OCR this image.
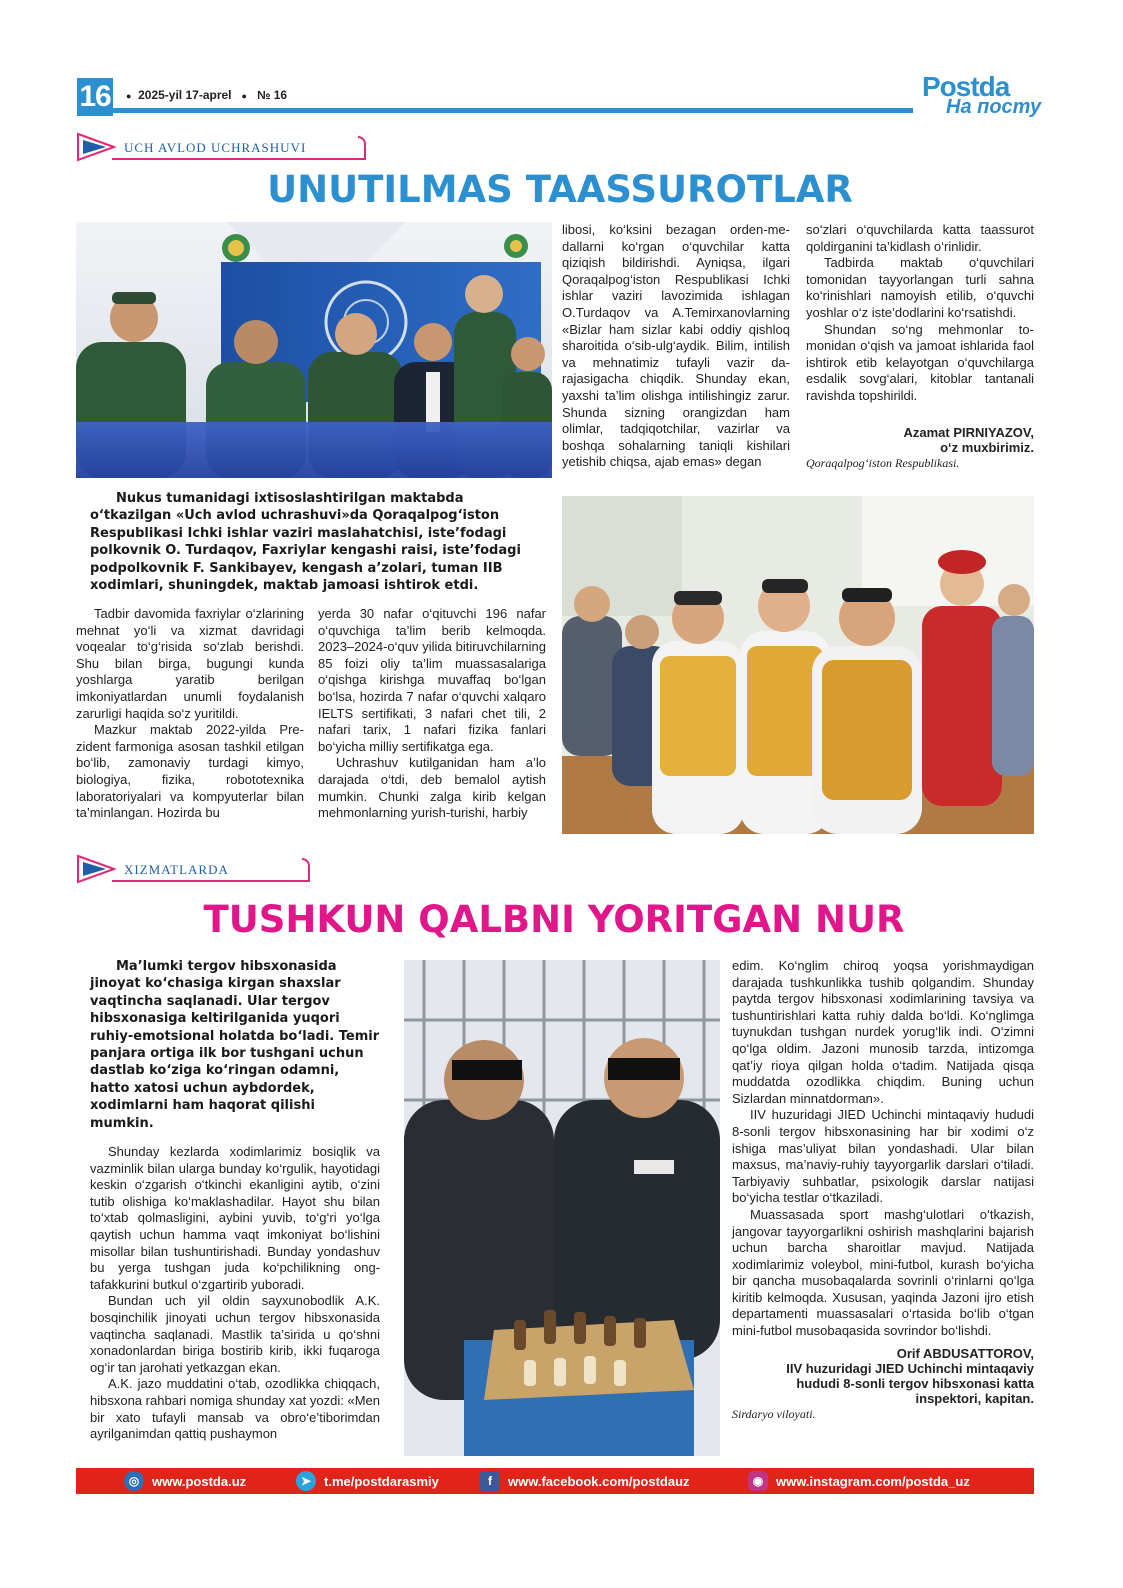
16 ● 2025-yil 17-aprel ● № 16	Postda
На посту
UCH AVLOD UCHRASHUVI
UNUTILMAS TAASSUROTLAR

libosi, ko‘ksini bezagan orden-medallarni ko‘rgan o‘quvchilar katta qiziqish bildirishdi. Ayniqsa, ilgari Qoraqalpog‘iston Respublikasi Ichki ishlar vaziri lavozimida ishlagan O.Turdaqov va A.Temirxanovlarning «Bizlar ham sizlar kabi oddiy qishloq sharoitida o‘sib-ulg‘aydik. Bilim, intilish va mehnatimiz tufayli vazir darajasigacha chiqdik. Shunday ekan, yaxshi ta’lim olishga intilishingiz zarur. Shunda sizning orangizdan ham olimlar, tadqiqotchilar, vazirlar va boshqa sohalarning taniqli kishilari yetishib chiqsa, ajab emas» degan

so‘zlari o‘quvchilarda katta taassurot qoldirganini ta’kidlash o‘rinlidir.

Tadbirda maktab o‘quvchilari tomonidan tayyorlangan turli sahna ko‘rinishlari namoyish etilib, o‘quvchi yoshlar o‘z iste’dodlarini ko‘rsatishdi.

Shundan so‘ng mehmonlar tomonidan o‘qish va jamoat ishlarida faol ishtirok etib kelayotgan o‘quvchilarga esdalik sovg‘alari, kitoblar tantanali ravishda topshirildi.

Azamat PIRNIYAZOV,
o‘z muxbirimiz.
Qoraqalpog‘iston Respublikasi.

Nukus tumanidagi ixtisoslashtirilgan maktabda o‘tkazilgan «Uch avlod uchrashuvi»da Qoraqalpog‘iston Respublikasi Ichki ishlar vaziri maslahatchisi, iste’fodagi polkovnik O. Turdaqov, Faxriylar kengashi raisi, iste’fodagi podpolkovnik F. Sankibayev, kengash a’zolari, tuman IIB xodimlari, shuningdek, maktab jamoasi ishtirok etdi.

Tadbir davomida faxriylar o‘zlarining mehnat yo‘li va xizmat davridagi voqealar to‘g‘risida so‘zlab berishdi. Shu bilan birga, bugungi kunda yoshlarga yaratib berilgan imkoniyatlardan unumli foydalanish zarurligi haqida so‘z yuritildi.

Mazkur maktab 2022-yilda Prezident farmoniga asosan tashkil etilgan bo‘lib, zamonaviy turdagi kimyo, biologiya, fizika, robototexnika laboratoriyalari va kompyuterlar bilan ta’minlangan. Hozirda bu

yerda 30 nafar o‘qituvchi 196 nafar o‘quvchiga ta’lim berib kelmoqda. 2023–2024-o‘quv yilida bitiruvchilarning 85 foizi oliy ta’lim muassasalariga o‘qishga kirishga muvaffaq bo‘lgan bo‘lsa, hozirda 7 nafar o‘quvchi xalqaro IELTS sertifikati, 3 nafari chet tili, 2 nafari tarix, 1 nafari fizika fanlari bo‘yicha milliy sertifikatga ega.

Uchrashuv kutilganidan ham a’lo darajada o‘tdi, deb bemalol aytish mumkin. Chunki zalga kirib kelgan mehmonlarning yurish-turishi, harbiy

XIZMATLARDA
TUSHKUN QALBNI YORITGAN NUR

Ma’lumki tergov hibsxonasida jinoyat ko‘chasiga kirgan shaxslar vaqtincha saqlanadi. Ular tergov hibsxonasiga keltirilganida yuqori ruhiy-emotsional holatda bo‘ladi. Temir panjara ortiga ilk bor tushgani uchun dastlab ko‘ziga ko‘ringan odamni, hatto xatosi uchun aybdordek, xodimlarni ham haqorat qilishi mumkin.

Shunday kezlarda xodimlarimiz bosiqlik va vazminlik bilan ularga bunday ko‘rgulik, hayotidagi keskin o‘zgarish o‘tkinchi ekanligini aytib, o‘zini tutib olishiga ko‘maklashadilar. Hayot shu bilan to‘xtab qolmasligini, aybini yuvib, to‘g‘ri yo‘lga qaytish uchun hamma vaqt imkoniyat bo‘lishini misollar bilan tushuntirishadi. Bunday yondashuv bu yerga tushgan juda ko‘pchilikning ong-tafakkurini butkul o‘zgartirib yuboradi.

Bundan uch yil oldin sayxunobodlik A.K. bosqinchilik jinoyati uchun tergov hibsxonasida vaqtincha saqlanadi. Mastlik ta’sirida u qo‘shni xonadonlardan biriga bostirib kirib, ikki fuqaroga og‘ir tan jarohati yetkazgan ekan.

A.K. jazo muddatini o‘tab, ozodlikka chiqqach, hibsxona rahbari nomiga shunday xat yozdi: «Men bir xato tufayli mansab va obro‘e’tiborimdan ayrilganimdan qattiq pushaymon

edim. Ko‘nglim chiroq yoqsa yorishmaydigan darajada tushkunlikka tushib qolgandim. Shunday paytda tergov hibsxonasi xodimlarining tavsiya va tushuntirishlari katta ruhiy dalda bo‘ldi. Ko‘nglimga tuynukdan tushgan nurdek yorug‘lik indi. O‘zimni qo‘lga oldim. Jazoni munosib tarzda, intizomga qat’iy rioya qilgan holda o‘tadim. Natijada qisqa muddatda ozodlikka chiqdim. Buning uchun Sizlardan minnatdorman».

IIV huzuridagi JIED Uchinchi mintaqaviy hududi 8-sonli tergov hibsxonasining har bir xodimi o‘z ishiga mas’uliyat bilan yondashadi. Ular bilan maxsus, ma’naviy-ruhiy tayyorgarlik darslari o‘tiladi. Tarbiyaviy suhbatlar, psixologik darslar natijasi bo‘yicha testlar o‘tkaziladi.

Muassasada sport mashg‘ulotlari o‘tkazish, jangovar tayyorgarlikni oshirish mashqlarini bajarish uchun barcha sharoitlar mavjud. Natijada xodimlarimiz voleybol, mini-futbol, kurash bo‘yicha bir qancha musobaqalarda sovrinli o‘rinlarni qo‘lga kiritib kelmoqda. Xususan, yaqinda Jazoni ijro etish departamenti muassasalari o‘rtasida bo‘lib o‘tgan mini-futbol musobaqasida sovrindor bo‘lishdi.

Orif ABDUSATTOROV,
IIV huzuridagi JIED Uchinchi mintaqaviy hududi 8-sonli tergov hibsxonasi katta inspektori, kapitan.
Sirdaryo viloyati.
◎ www.postda.uz	➤ t.me/postdarasmiy	f	www.facebook.com/postdauz	◉ www.instagram.com/postda_uz
